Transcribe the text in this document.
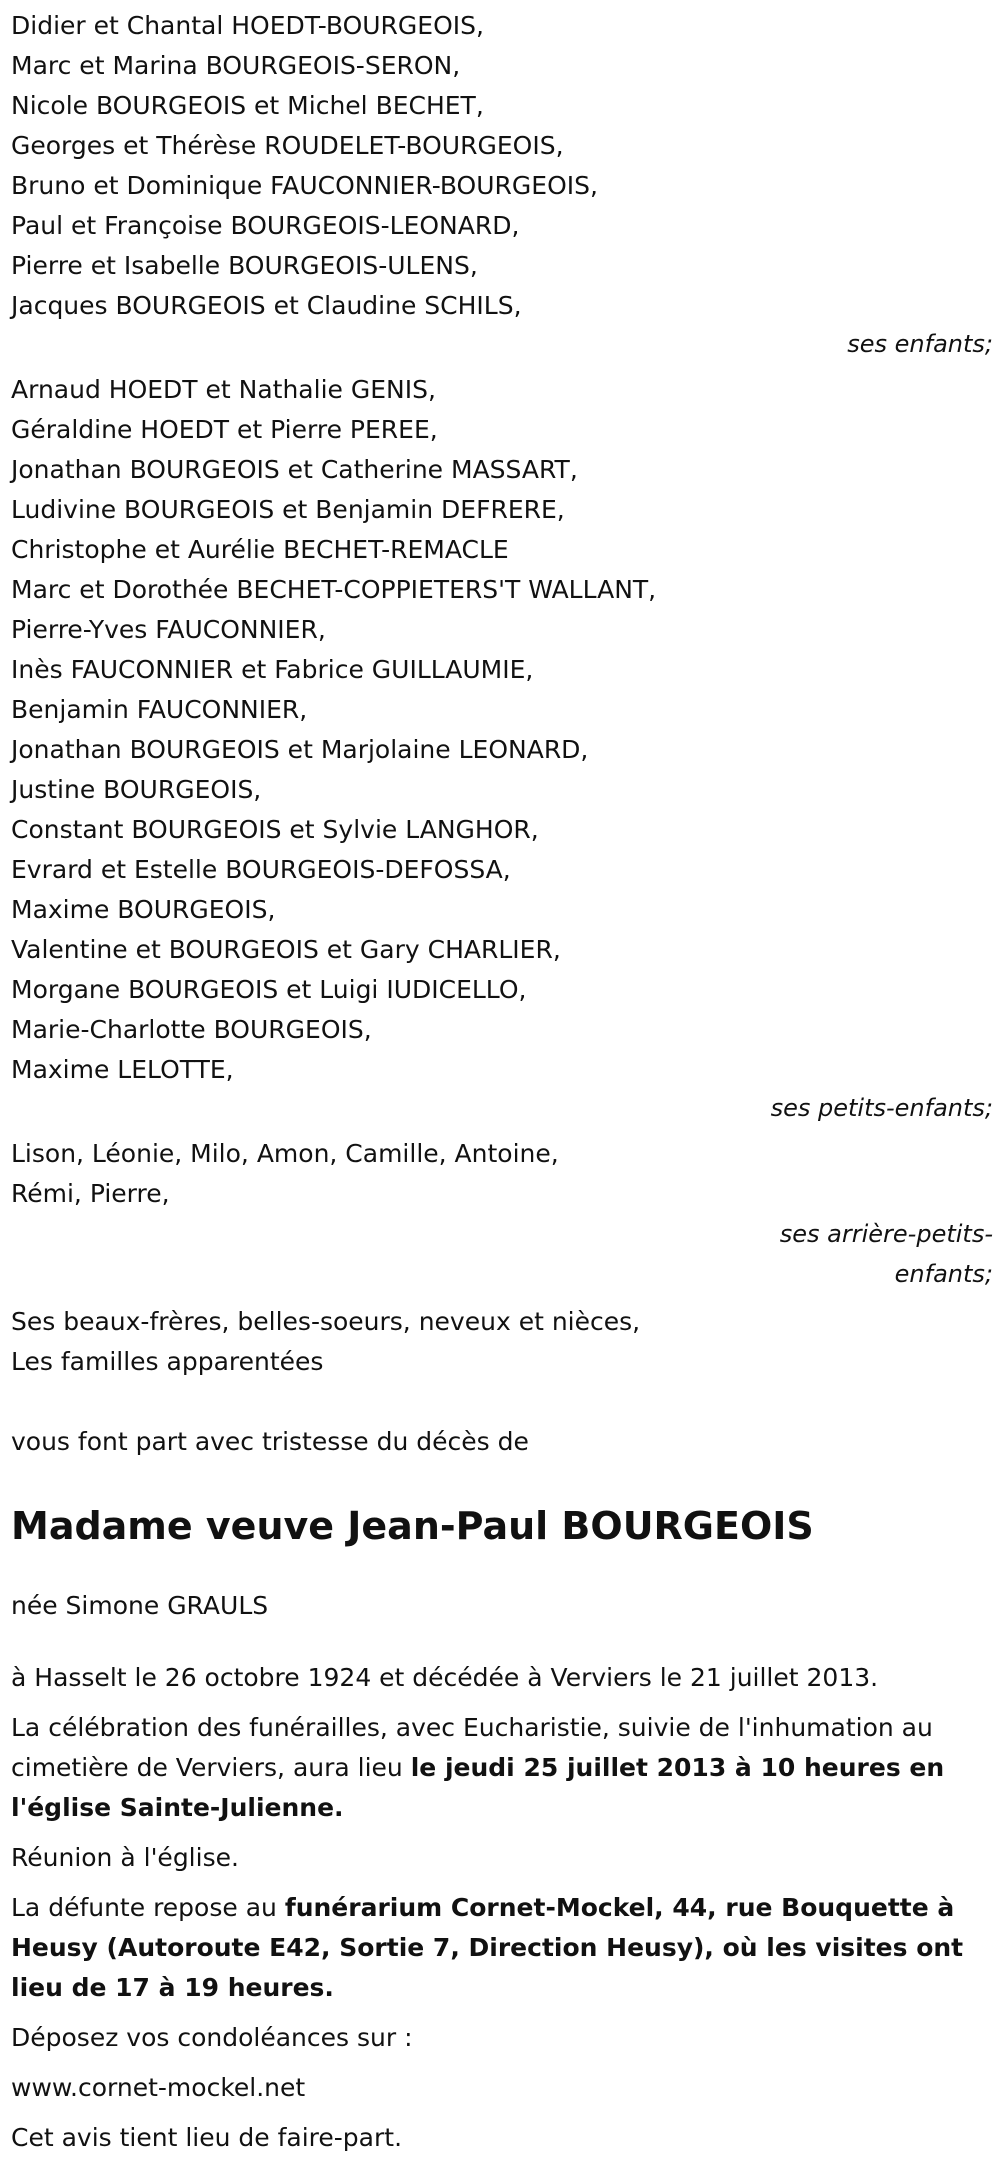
Didier et Chantal HOEDT-BOURGEOIS,
Marc et Marina BOURGEOIS-SERON,
Nicole BOURGEOIS et Michel BECHET,
Georges et Thérèse ROUDELET-BOURGEOIS,
Bruno et Dominique FAUCONNIER-BOURGEOIS,
Paul et Françoise BOURGEOIS-LEONARD,
Pierre et Isabelle BOURGEOIS-ULENS,
Jacques BOURGEOIS et Claudine SCHILS,
ses enfants;
Arnaud HOEDT et Nathalie GENIS,
Géraldine HOEDT et Pierre PEREE,
Jonathan BOURGEOIS et Catherine MASSART,
Ludivine BOURGEOIS et Benjamin DEFRERE,
Christophe et Aurélie BECHET-REMACLE
Marc et Dorothée BECHET-COPPIETERS'T WALLANT,
Pierre-Yves FAUCONNIER,
Inès FAUCONNIER et Fabrice GUILLAUMIE,
Benjamin FAUCONNIER,
Jonathan BOURGEOIS et Marjolaine LEONARD,
Justine BOURGEOIS,
Constant BOURGEOIS et Sylvie LANGHOR,
Evrard et Estelle BOURGEOIS-DEFOSSA,
Maxime BOURGEOIS,
Valentine et BOURGEOIS et Gary CHARLIER,
Morgane BOURGEOIS et Luigi IUDICELLO,
Marie-Charlotte BOURGEOIS,
Maxime LELOTTE,
ses petits-enfants;
Lison, Léonie, Milo, Amon, Camille, Antoine,
Rémi, Pierre,
ses arrière-petits-
enfants;
Ses beaux-frères, belles-soeurs, neveux et nièces,
Les familles apparentées
vous font part avec tristesse du décès de
Madame veuve Jean-Paul BOURGEOIS
née Simone GRAULS

à Hasselt le 26 octobre 1924 et décédée à Verviers le 21 juillet 2013.

La célébration des funérailles, avec Eucharistie, suivie de l'inhumation au cimetière de Verviers, aura lieu le jeudi 25 juillet 2013 à 10 heures en l'église Sainte-Julienne.

Réunion à l'église.

La défunte repose au funérarium Cornet-Mockel, 44, rue Bouquette à Heusy (Autoroute E42, Sortie 7, Direction Heusy), où les visites ont lieu de 17 à 19 heures.

Déposez vos condoléances sur :

www.cornet-mockel.net

Cet avis tient lieu de faire-part.
